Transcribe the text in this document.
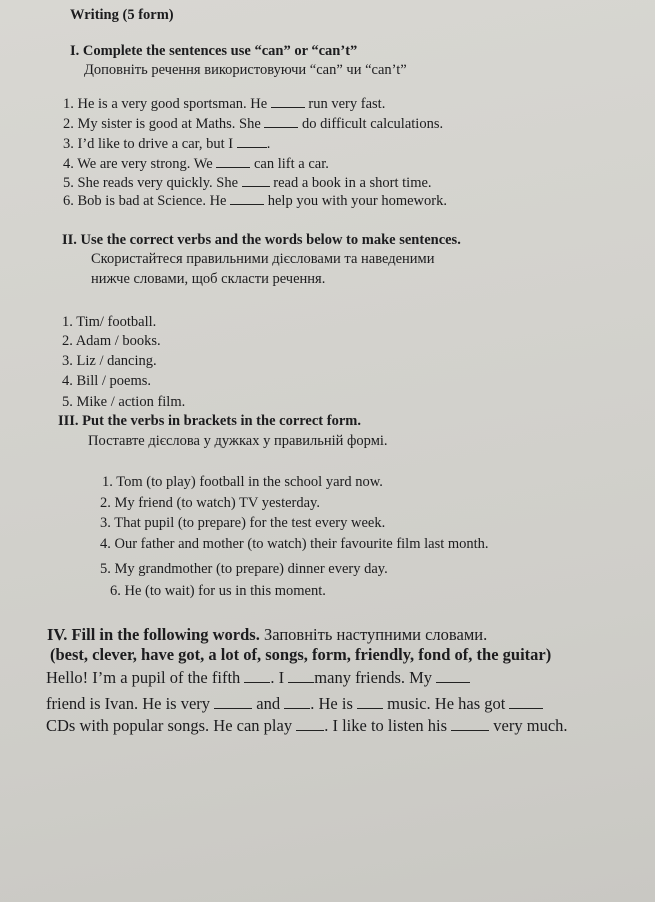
Writing (5 form)
I. Complete the sentences use “can” or “can’t”
Доповніть речення використовуючи “can” чи “can’t”
1. He is a very good sportsman. He	run very fast.
2. My sister is good at Maths. She	do difficult calculations.
3. I’d like to drive a car, but I .
4. We are very strong. We	can lift a car.
5. She reads very quickly. She read a book in a short time.
6. Bob is bad at Science. He	help you with your homework.
II. Use the correct verbs and the words below to make sentences.
Скористайтеся правильними дієсловами та наведеними
нижче словами, щоб скласти речення.
1. Tim/ football.
2. Adam / books.
3. Liz / dancing.
4. Bill / poems.
5. Mike / action film.
III. Put the verbs in brackets in the correct form.
Поставте дієслова у дужках у правильній формі.
1. Tom (to play) football in the school yard now.
2. My friend (to watch) TV yesterday.
3. That pupil (to prepare) for the test every week.
4. Our father and mother (to watch) their favourite film last month.
5. My grandmother (to prepare) dinner every day.
6. He (to wait) for us in this moment.
IV. Fill in the following words. Заповніть наступними словами.
(best, clever, have got, a lot of, songs, form, friendly, fond of, the guitar)
Hello! I’m a pupil of the fifth . I many friends. My
friend is Ivan. He is very	and . He is music. He has got
CDs with popular songs. He can play . I like to listen his	very much.
